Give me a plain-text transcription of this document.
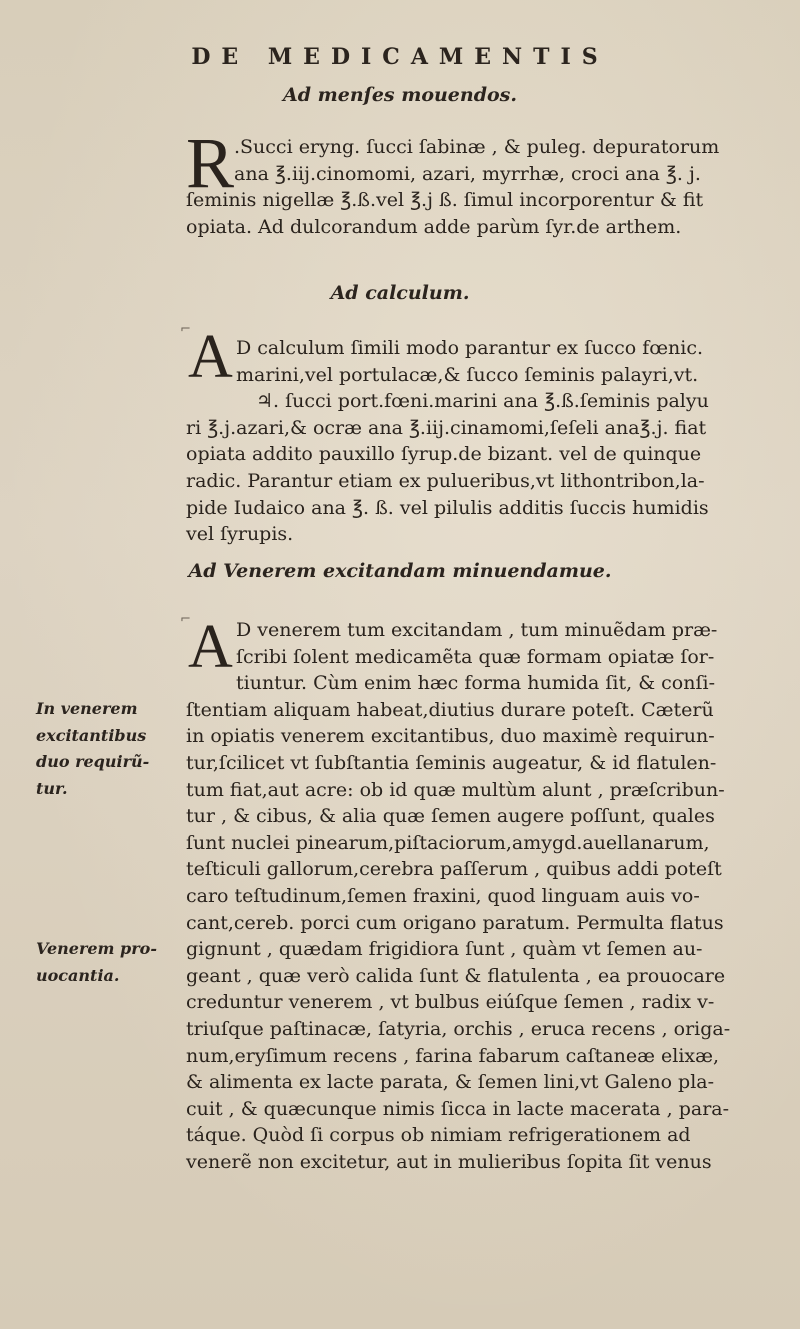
DE MEDICAMENTIS
Ad menſes mouendos.
R .Succi eryng. ſucci ſabinæ , & puleg. depuratorum
ana ℥.iij.cinomomi, azari, myrrhæ, croci ana ℥. j.
ſeminis nigellæ ℥.ß.vel ℥.j ß. ſimul incorporentur & fit
opiata. Ad dulcorandum adde parùm ſyr.de arthem.
Ad calculum.
⌐
A D calculum ſimili modo parantur ex ſucco fœnic.
marini,vel portulacæ,& ſucco ſeminis palayri,vt.
♃. ſucci port.fœni.marini ana ℥.ß.ſeminis palyu
ri ℥.j.azari,& ocræ ana ℥.iij.cinamomi,ſeſeli ana℥.j. fiat
opiata addito pauxillo ſyrup.de bizant. vel de quinque
radic. Parantur etiam ex pulueribus,vt lithontribon,la-
pide Iudaico ana ℥. ß. vel pilulis additis ſuccis humidis
vel ſyrupis.
Ad Venerem excitandam minuendamue.
⌐
A D venerem tum excitandam , tum minuẽdam præ-
ſcribi ſolent medicamẽta quæ formam opiatæ ſor-
tiuntur. Cùm enim hæc forma humida ſit, & conſi-
ſtentiam aliquam habeat,diutius durare poteſt. Cæterũ
in opiatis venerem excitantibus, duo maximè requirun-
tur,ſcilicet vt ſubſtantia ſeminis augeatur, & id flatulen-
tum fiat,aut acre: ob id quæ multùm alunt , præſcribun-
tur , & cibus, & alia quæ ſemen augere poſſunt, quales
ſunt nuclei pinearum,piſtaciorum,amygd.auellanarum,
teſticuli gallorum,cerebra paſſerum , quibus addi poteſt
caro teſtudinum,ſemen fraxini, quod linguam auis vo-
cant,cereb. porci cum origano paratum. Permulta flatus
gignunt , quædam frigidiora ſunt , quàm vt ſemen au-
geant , quæ verò calida ſunt & flatulenta , ea prouocare
creduntur venerem , vt bulbus eiúſque ſemen , radix v-
triuſque paſtinacæ, ſatyria, orchis , eruca recens , origa-
num,eryſimum recens , farina fabarum caſtaneæ elixæ,
& alimenta ex lacte parata, & ſemen lini,vt Galeno pla-
cuit , & quæcunque nimis ſicca in lacte macerata , para-
táque. Quòd ſi corpus ob nimiam refrigerationem ad
venerẽ non excitetur, aut in mulieribus ſopita ſit venus
In venerem
excitantibus
duo requirũ-
tur.
Venerem pro-
uocantia.
